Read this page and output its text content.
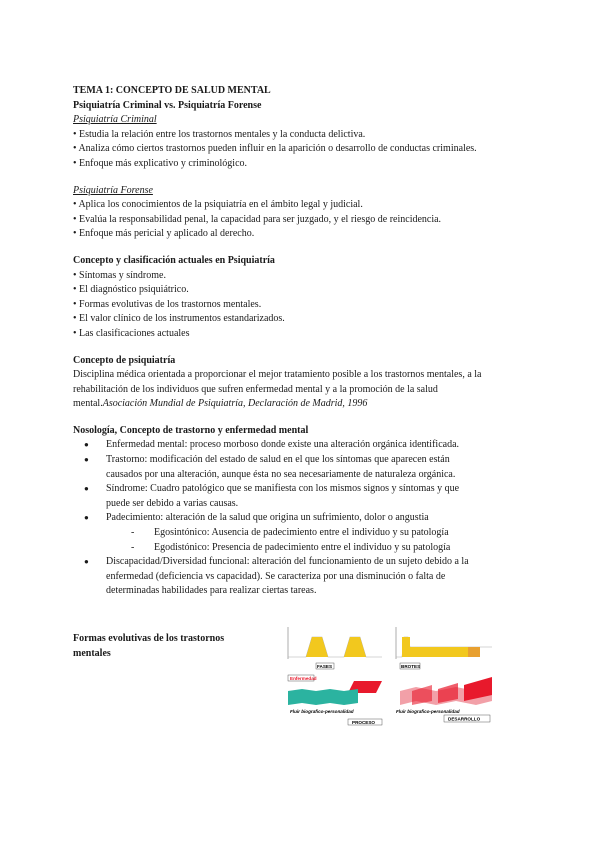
TEMA 1: CONCEPTO DE SALUD MENTAL
Psiquiatría Criminal vs. Psiquiatría Forense
Psiquiatría Criminal
• Estudia la relación entre los trastornos mentales y la conducta delictiva.
• Analiza cómo ciertos trastornos pueden influir en la aparición o desarrollo de conductas criminales.
• Enfoque más explicativo y criminológico.
Psiquiatría Forense
• Aplica los conocimientos de la psiquiatría en el ámbito legal y judicial.
• Evalúa la responsabilidad penal, la capacidad para ser juzgado, y el riesgo de reincidencia.
• Enfoque más pericial y aplicado al derecho.
Concepto y clasificación actuales en Psiquiatría
• Síntomas y síndrome.
• El diagnóstico psiquiátrico.
• Formas evolutivas de los trastornos mentales.
• El valor clínico de los instrumentos estandarizados.
• Las clasificaciones actuales
Concepto de psiquiatría
Disciplina médica orientada a proporcionar el mejor tratamiento posible a los trastornos mentales, a la
rehabilitación de los individuos que sufren enfermedad mental y a la promoción de la salud
mental.Asociación Mundial de Psiquiatría, Declaración de Madrid, 1996
Nosología, Concepto de trastorno y enfermedad mental
● Enfermedad mental: proceso morboso donde existe una alteración orgánica identificada.
● Trastorno: modificación del estado de salud en el que los síntomas que aparecen están
causados por una alteración, aunque ésta no sea necesariamente de naturaleza orgánica.
● Síndrome: Cuadro patológico que se manifiesta con los mismos signos y síntomas y que
puede ser debido a varias causas.
● Padecimiento: alteración de la salud que origina un sufrimiento, dolor o angustia
- Egosintónico: Ausencia de padecimiento entre el individuo y su patología
- Egodistónico: Presencia de padecimiento entre el individuo y su patología
● Discapacidad/Diversidad funcional: alteración del funcionamiento de un sujeto debido a la
enfermedad (deficiencia vs capacidad). Se caracteriza por una disminución o falta de
determinadas habilidades para realizar ciertas tareas.
Formas evolutivas de los trastornos
mentales
FASES	BROTES
Enfermedad
Fluir biografico-personalidad
PROCESO
Fluir biografico-personalidad
DESARROLLO
